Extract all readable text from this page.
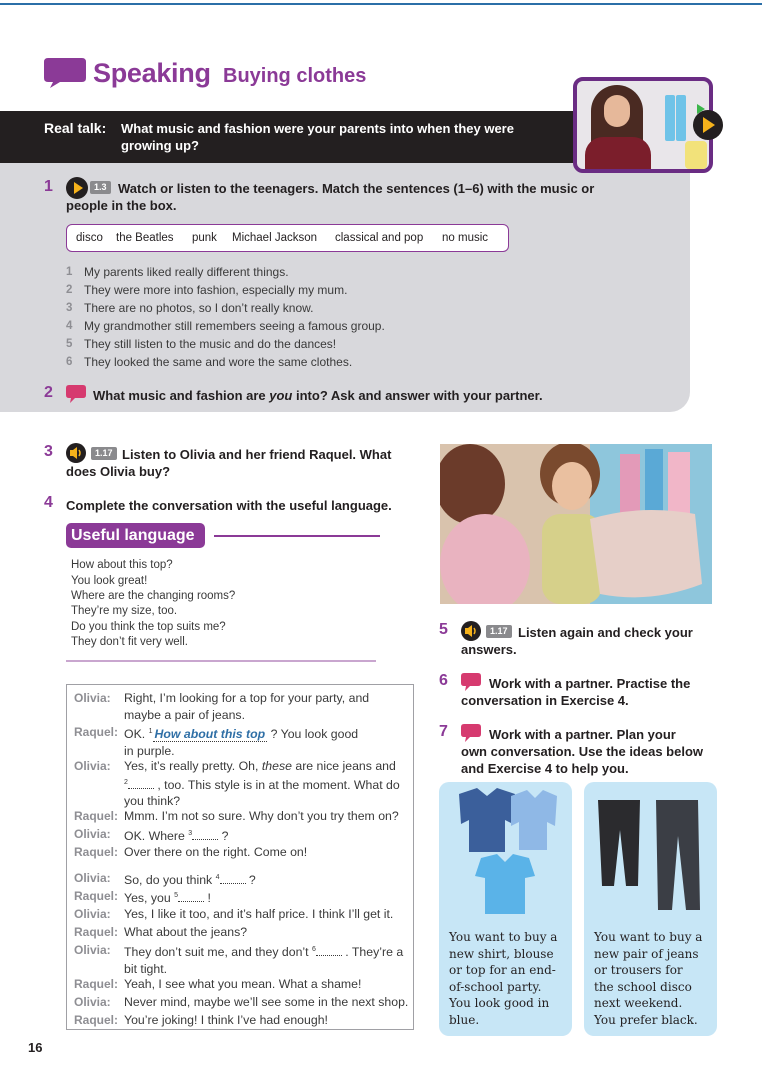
Speaking Buying clothes
Real talk: What music and fashion were your parents into when they were
growing up?
1	1.3 Watch or listen to the teenagers. Match the sentences (1–6) with the music or
people in the box.
disco the Beatles punk Michael Jackson classical and pop no music
1 My parents liked really different things.
2 They were more into fashion, especially my mum.
3 There are no photos, so I don’t really know.
4 My grandmother still remembers seeing a famous group.
5 They still listen to the music and do the dances!
6 They looked the same and wore the same clothes.
2	What music and fashion are you into? Ask and answer with your partner.
3	1.17 Listen to Olivia and her friend Raquel. What
does Olivia buy?
4 Complete the conversation with the useful language.
Useful language
How about this top?
You look great!
Where are the changing rooms?
They’re my size, too.
Do you think the top suits me?
They don’t fit very well.
Olivia: Right, I’m looking for a top for your party, and
maybe a pair of jeans.
Raquel: OK. $^1$ How about this top ? You look good
in purple.
Olivia: Yes, it’s really pretty. Oh, these are nice jeans and
$^2$ , too. This style is in at the moment. What do
you think?
Raquel: Mmm. I’m not so sure. Why don’t you try them on?
Olivia: OK. Where $^3$ ?
Raquel: Over there on the right. Come on!
Olivia: So, do you think $^4$ ?
Raquel: Yes, you $^5$ !
Olivia: Yes, I like it too, and it’s half price. I think I’ll get it.
Raquel: What about the jeans?
Olivia: They don’t suit me, and they don’t $^6$ . They’re a
bit tight.
Raquel: Yeah, I see what you mean. What a shame!
Olivia: Never mind, maybe we’ll see some in the next shop.
Raquel: You’re joking! I think I’ve had enough!
5	1.17 Listen again and check your
answers.
6	Work with a partner. Practise the
conversation in Exercise 4.
7	Work with a partner. Plan your
own conversation. Use the ideas below
and Exercise 4 to help you.
You want to buy a
new shirt, blouse
or top for an end-
of-school party.
You look good in
blue.
You want to buy a
new pair of jeans
or trousers for
the school disco
next weekend.
You prefer black.
16
